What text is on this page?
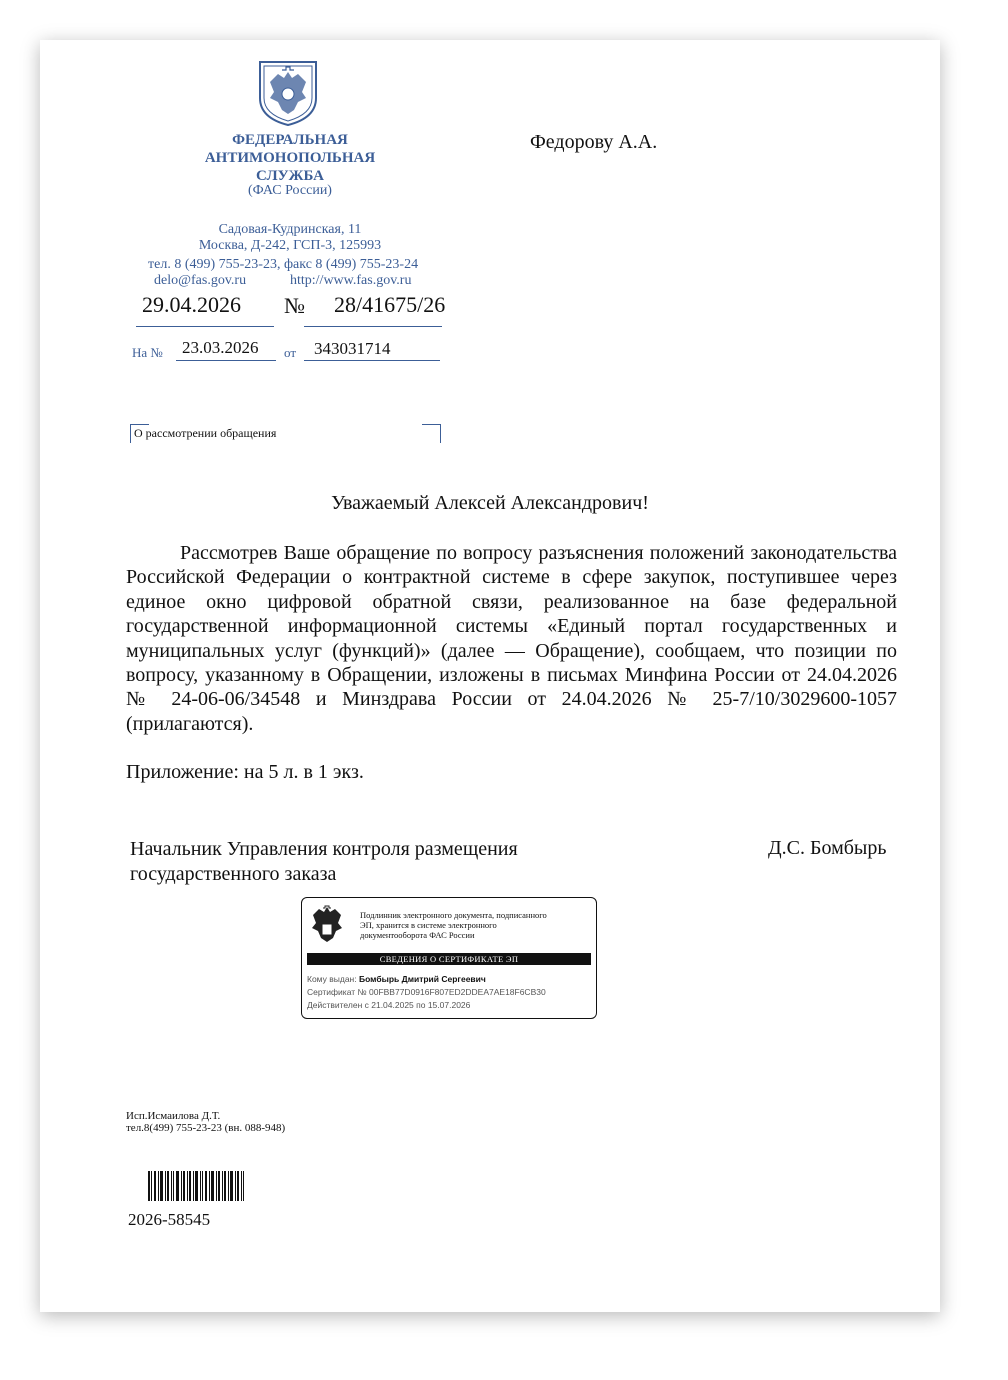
ФЕДЕРАЛЬНАЯ
АНТИМОНОПОЛЬНАЯ
СЛУЖБА
(ФАС России)
Садовая-Кудринская, 11
Москва, Д-242, ГСП-3, 125993
тел. 8 (499) 755-23-23, факс 8 (499) 755-23-24
delo@fas.gov.ru	http://www.fas.gov.ru
29.04.2026 № 28/41675/26
На № 23.03.2026 от 343031714
О рассмотрении обращения
Федорову А.А.
Уважаемый Алексей Александрович!

Рассмотрев Ваше обращение по вопросу разъяснения положений законодательства Российской Федерации о контрактной системе в сфере закупок, поступившее через единое окно цифровой обратной связи, реализованное на базе федеральной государственной информационной системы «Единый портал государственных и муниципальных услуг (функций)» (далее — Обращение), сообщаем, что позиции по вопросу, указанному в Обращении, изложены в письмах Минфина России от 24.04.2026 № 24-06-06/34548 и Минздрава России от 24.04.2026 № 25-7/10/3029600-1057 (прилагаются).

Приложение: на 5 л. в 1 экз.
Начальник Управления контроля размещения
государственного заказа
Д.С. Бомбырь
Подлинник электронного документа, подписанного
ЭП, хранится в системе электронного
документооборота ФАС России
СВЕДЕНИЯ О СЕРТИФИКАТЕ ЭП
Кому выдан: Бомбырь Дмитрий Сергеевич
Сертификат № 00FBB77D0916F807ED2DDEA7AE18F6CB30
Действителен с 21.04.2025 по 15.07.2026
Исп.Исмаилова Д.Т.
тел.8(499) 755-23-23 (вн. 088-948)
2026-58545
